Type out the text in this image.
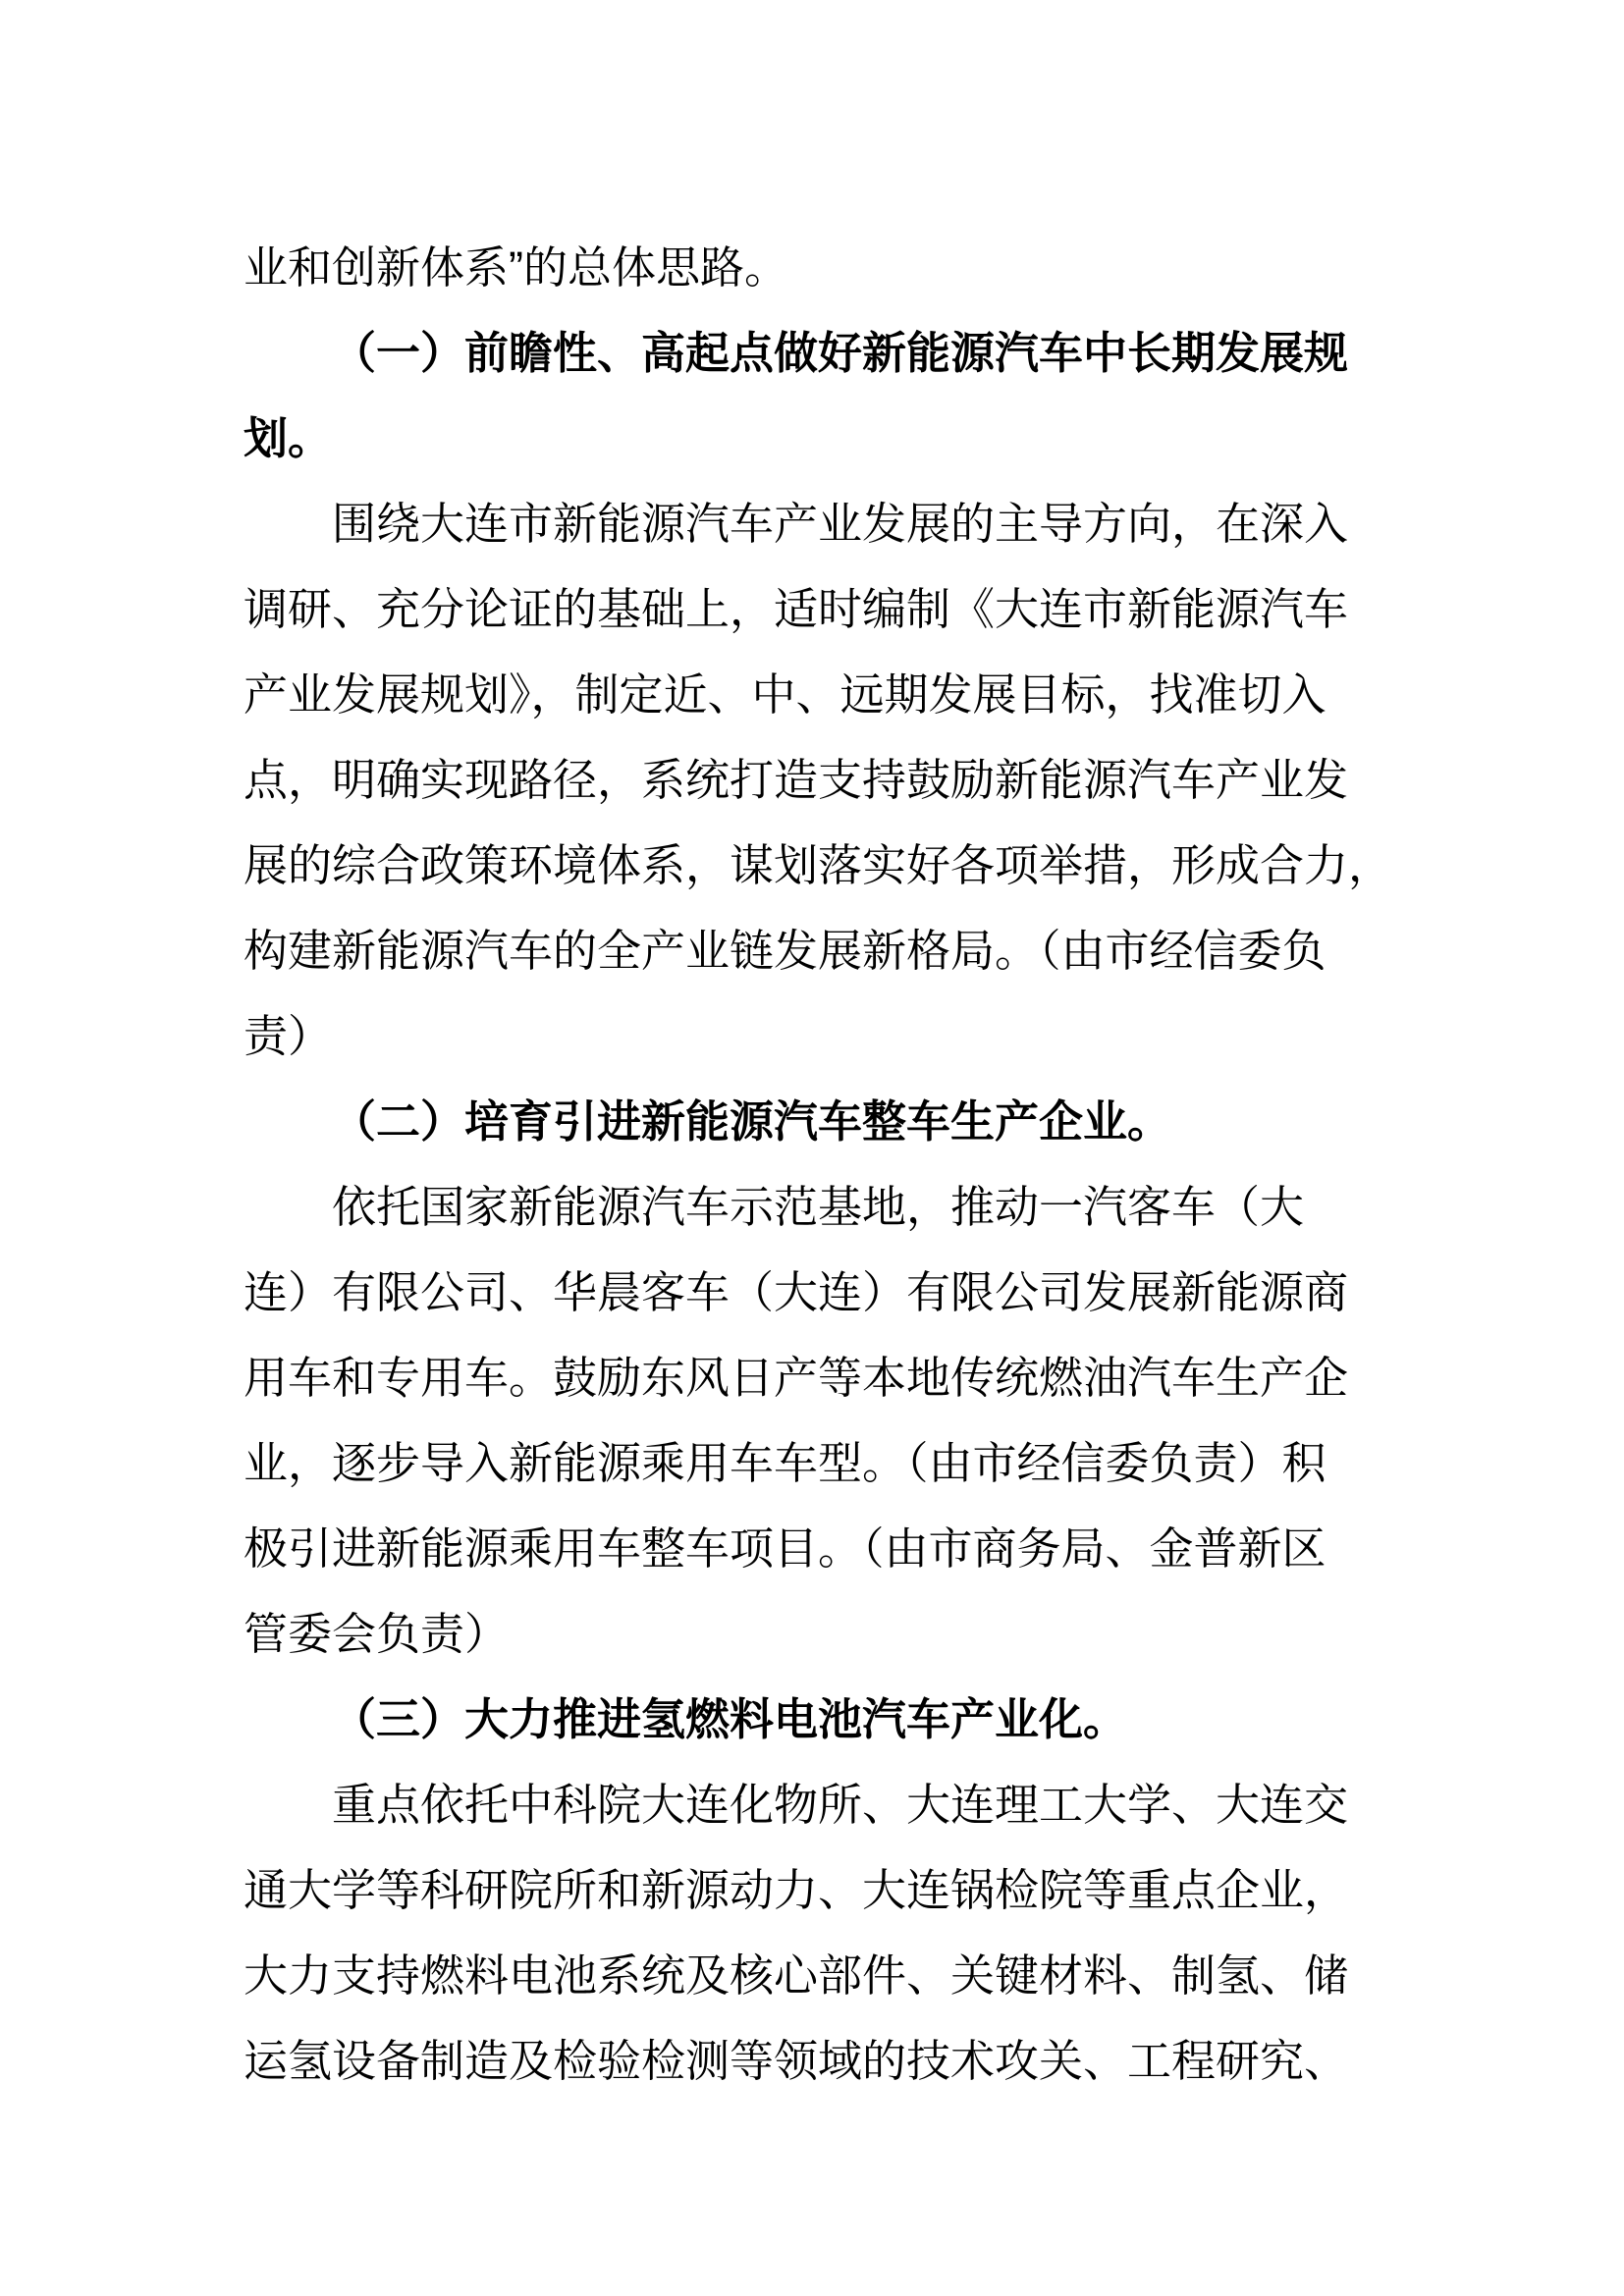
业和创新体系”的总体思路。
（一）前瞻性、高起点做好新能源汽车中长期发展规
划。
围绕大连市新能源汽车产业发展的主导方向，在深入
调研、充分论证的基础上，适时编制《大连市新能源汽车
产业发展规划》，制定近、中、远期发展目标，找准切入
点，明确实现路径，系统打造支持鼓励新能源汽车产业发
展的综合政策环境体系，谋划落实好各项举措，形成合力，
构建新能源汽车的全产业链发展新格局。（由市经信委负
责）
（二）培育引进新能源汽车整车生产企业。
依托国家新能源汽车示范基地，推动一汽客车（大
连）有限公司、华晨客车（大连）有限公司发展新能源商
用车和专用车。鼓励东风日产等本地传统燃油汽车生产企
业，逐步导入新能源乘用车车型。（由市经信委负责）积
极引进新能源乘用车整车项目。（由市商务局、金普新区
管委会负责）
（三）大力推进氢燃料电池汽车产业化。
重点依托中科院大连化物所、大连理工大学、大连交
通大学等科研院所和新源动力、大连锅检院等重点企业，
大力支持燃料电池系统及核心部件、关键材料、制氢、储
运氢设备制造及检验检测等领域的技术攻关、工程研究、
